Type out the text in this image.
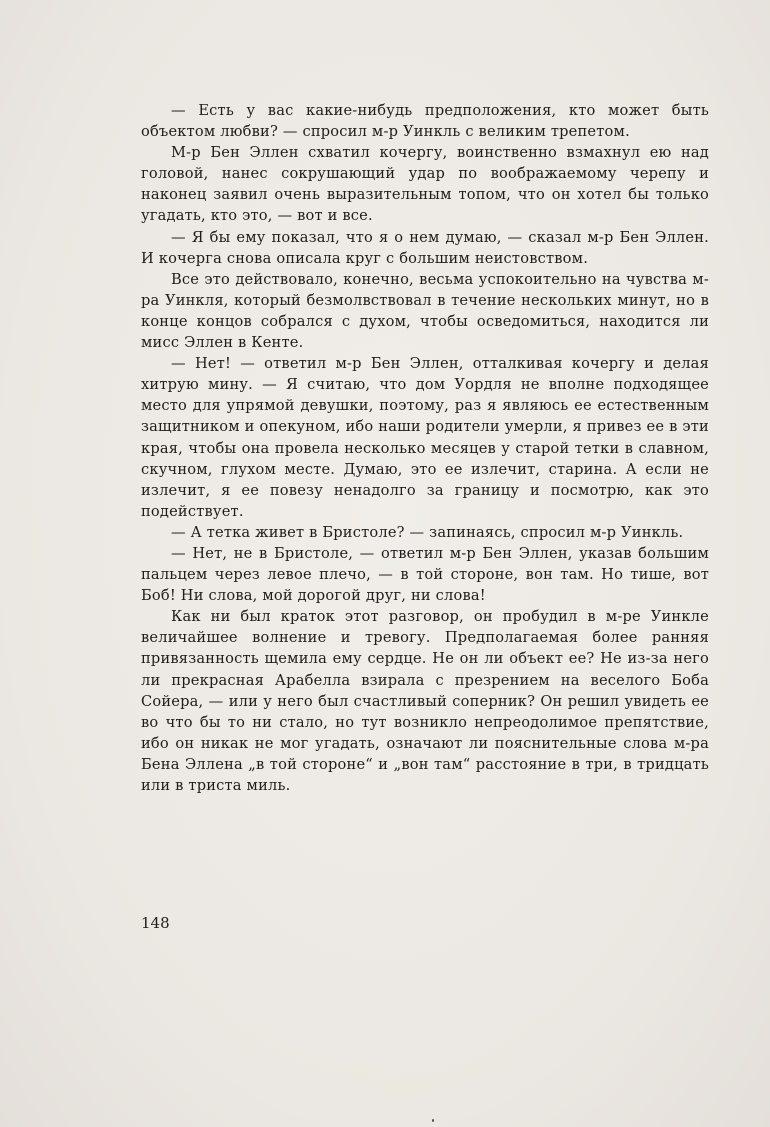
— Есть у вас какие-нибудь предположения, кто может быть объектом любви? — спросил м-р Уинкль с великим трепетом.

М-р Бен Эллен схватил кочергу, воинственно взмахнул ею над головой, нанес сокрушающий удар по воображаемому черепу и наконец заявил очень выразительным топом, что он хотел бы только угадать, кто это, — вот и все.

— Я бы ему показал, что я о нем думаю, — сказал м-р Бен Эллен. И кочерга снова описала круг с большим неистовством.

Все это действовало, конечно, весьма успокоительно на чувства м-ра Уинкля, который безмолвствовал в течение нескольких минут, но в конце концов собрался с духом, чтобы осведомиться, находится ли мисс Эллен в Кенте.

— Нет! — ответил м-р Бен Эллен, отталкивая кочергу и делая хитрую мину. — Я считаю, что дом Уордля не вполне подходящее место для упрямой девушки, поэтому, раз я являюсь ее естественным защитником и опекуном, ибо наши родители умерли, я привез ее в эти края, чтобы она провела несколько месяцев у старой тетки в славном, скучном, глухом месте. Думаю, это ее излечит, старина. А если не излечит, я ее повезу ненадолго за границу и посмотрю, как это подействует.

— А тетка живет в Бристоле? — запинаясь, спросил м-р Уинкль.

— Нет, не в Бристоле, — ответил м-р Бен Эллен, указав большим пальцем через левое плечо, — в той стороне, вон там. Но тише, вот Боб! Ни слова, мой дорогой друг, ни слова!

Как ни был краток этот разговор, он пробудил в м-ре Уинкле величайшее волнение и тревогу. Предполагаемая более ранняя привязанность щемила ему сердце. Не он ли объект ее? Не из-за него ли прекрасная Арабелла взирала с презрением на веселого Боба Сойера, — или у него был счастливый соперник? Он решил увидеть ее во что бы то ни стало, но тут возникло непреодолимое препятствие, ибо он никак не мог угадать, означают ли пояснительные слова м-ра Бена Эллена „в той стороне“ и „вон там“ расстояние в три, в тридцать или в триста миль.

148
